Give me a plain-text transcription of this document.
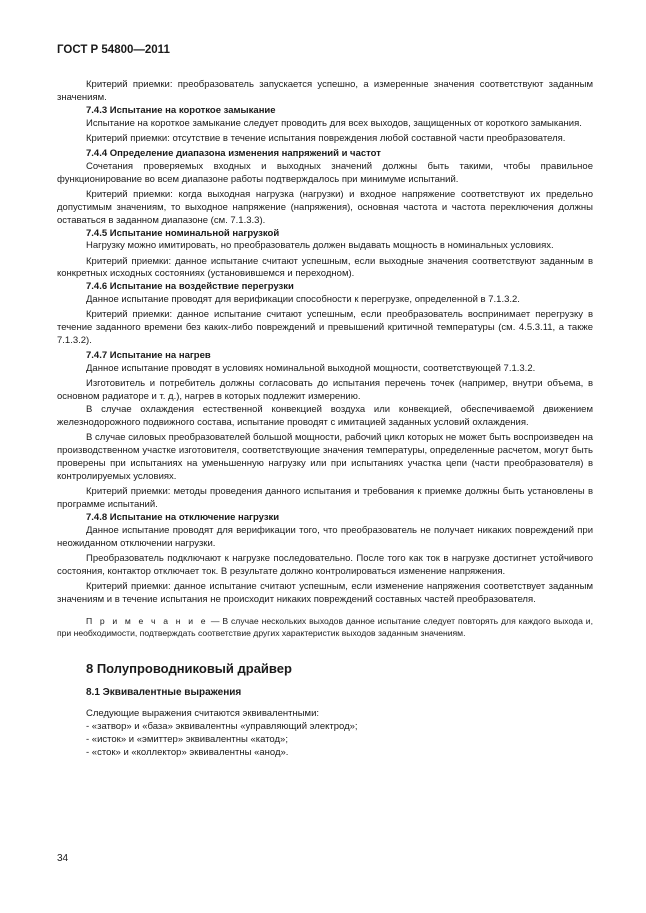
ГОСТ Р 54800—2011

Критерий приемки: преобразователь запускается успешно, а измеренные значения соответствуют заданным значениям.

7.4.3 Испытание на короткое замыкание

Испытание на короткое замыкание следует проводить для всех выходов, защищенных от короткого замыкания.

Критерий приемки: отсутствие в течение испытания повреждения любой составной части преобразователя.

7.4.4 Определение диапазона изменения напряжений и частот

Сочетания проверяемых входных и выходных значений должны быть такими, чтобы правильное функционирование во всем диапазоне работы подтверждалось при минимуме испытаний.

Критерий приемки: когда выходная нагрузка (нагрузки) и входное напряжение соответствуют их предельно допустимым значениям, то выходное напряжение (напряжения), основная частота и частота переключения должны оставаться в заданном диапазоне (см. 7.1.3.3).

7.4.5 Испытание номинальной нагрузкой

Нагрузку можно имитировать, но преобразователь должен выдавать мощность в номинальных условиях.

Критерий приемки: данное испытание считают успешным, если выходные значения соответствуют заданным в конкретных исходных состояниях (установившемся и переходном).

7.4.6 Испытание на воздействие перегрузки

Данное испытание проводят для верификации способности к перегрузке, определенной в 7.1.3.2.

Критерий приемки: данное испытание считают успешным, если преобразователь воспринимает перегрузку в течение заданного времени без каких-либо повреждений и превышений критичной температуры (см. 4.5.3.11, а также 7.1.3.2).

7.4.7 Испытание на нагрев

Данное испытание проводят в условиях номинальной выходной мощности, соответствующей 7.1.3.2.

Изготовитель и потребитель должны согласовать до испытания перечень точек (например, внутри объема, в основном радиаторе и т. д.), нагрев в которых подлежит измерению.

В случае охлаждения естественной конвекцией воздуха или конвекцией, обеспечиваемой движением железнодорожного подвижного состава, испытание проводят с имитацией заданных условий охлаждения.

В случае силовых преобразователей большой мощности, рабочий цикл которых не может быть воспроизведен на производственном участке изготовителя, соответствующие значения температуры, определенные расчетом, могут быть проверены при испытаниях на уменьшенную нагрузку или при испытаниях участка цепи (части преобразователя) в контролируемых условиях.

Критерий приемки: методы проведения данного испытания и требования к приемке должны быть установлены в программе испытаний.

7.4.8 Испытание на отключение нагрузки

Данное испытание проводят для верификации того, что преобразователь не получает никаких повреждений при неожиданном отключении нагрузки.

Преобразователь подключают к нагрузке последовательно. После того как ток в нагрузке достигнет устойчивого состояния, контактор отключает ток. В результате должно контролироваться изменение напряжения.

Критерий приемки: данное испытание считают успешным, если изменение напряжения соответствует заданным значениям и в течение испытания не происходит никаких повреждений составных частей преобразователя.

П р и м е ч а н и е — В случае нескольких выходов данное испытание следует повторять для каждого выхода и, при необходимости, подтверждать соответствие других характеристик выходов заданным значениям.

8 Полупроводниковый драйвер
8.1 Эквивалентные выражения
Следующие выражения считаются эквивалентными:
- «затвор» и «база» эквивалентны «управляющий электрод»;
- «исток» и «эмиттер» эквивалентны «катод»;
- «сток» и «коллектор» эквивалентны «анод».
34
